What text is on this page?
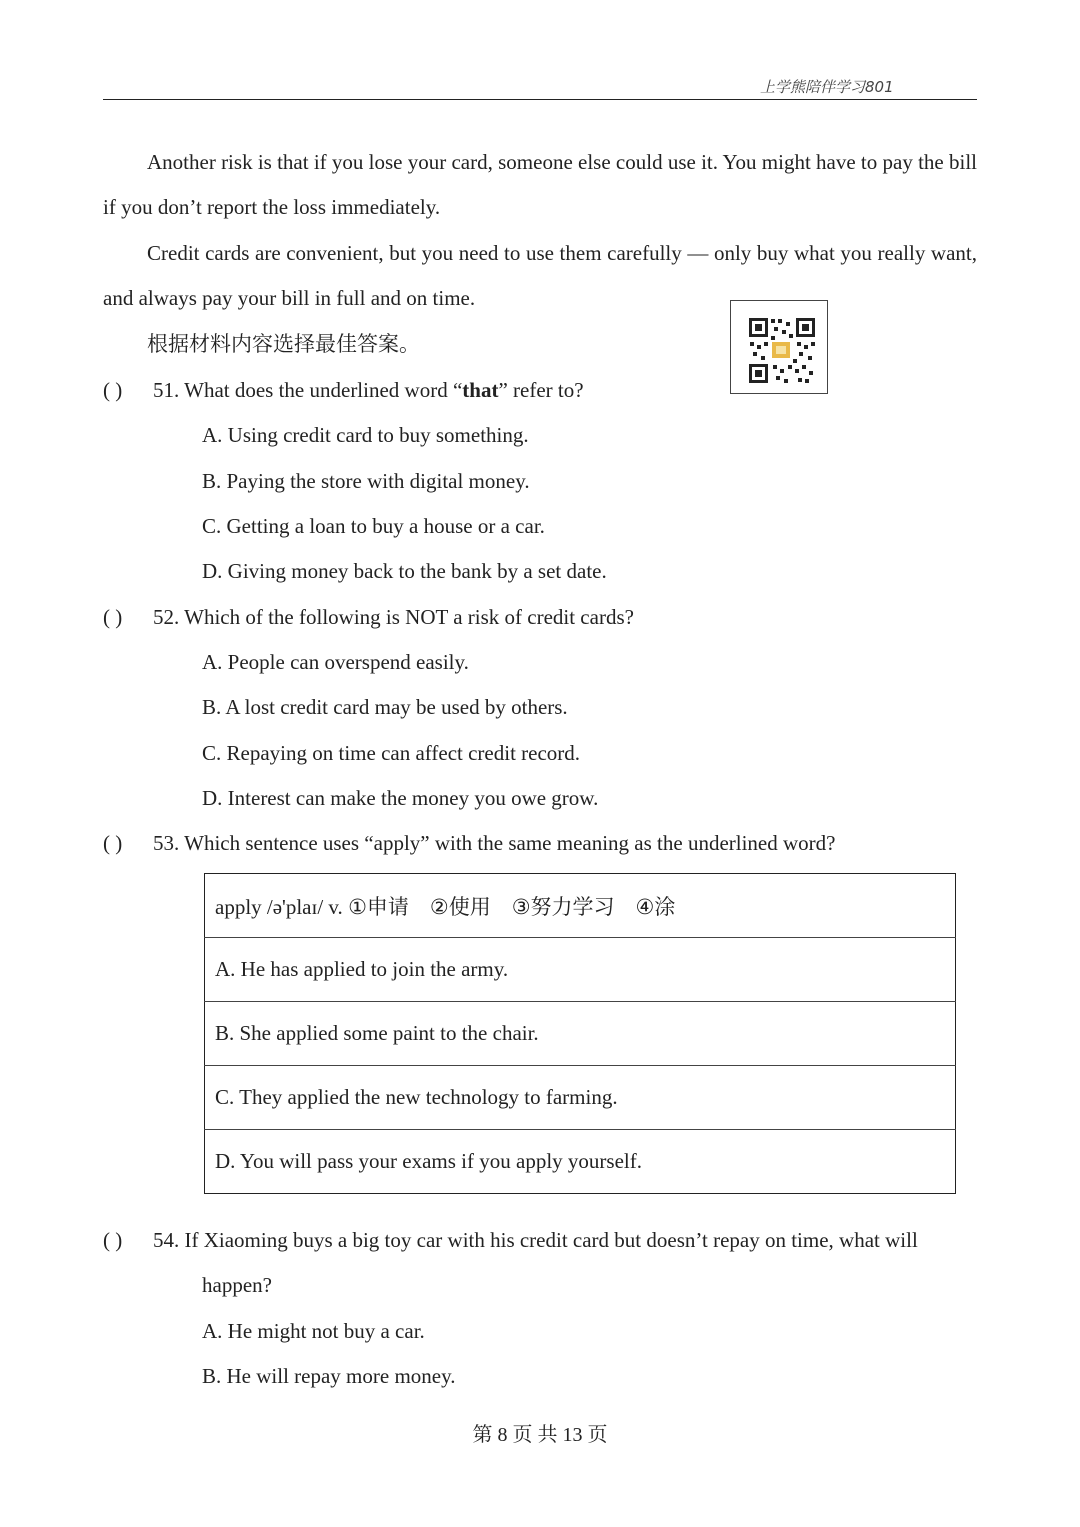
上学熊陪伴学习801

Another risk is that if you lose your card, someone else could use it. You might have to pay the bill if you don’t report the loss immediately.

Credit cards are convenient, but you need to use them carefully — only buy what you really want, and always pay your bill in full and on time.

根据材料内容选择最佳答案。
( ) 51. What does the underlined word “that” refer to?
A. Using credit card to buy something.
B. Paying the store with digital money.
C. Getting a loan to buy a house or a car.
D. Giving money back to the bank by a set date.
( ) 52. Which of the following is NOT a risk of credit cards?
A. People can overspend easily.
B. A lost credit card may be used by others.
C. Repaying on time can affect credit record.
D. Interest can make the money you owe grow.
( ) 53. Which sentence uses “apply” with the same meaning as the underlined word?
apply /ə'plaɪ/ v. ①申请　②使用　③努力学习　④涂
A. He has applied to join the army.
B. She applied some paint to the chair.
C. They applied the new technology to farming.
D. You will pass your exams if you apply yourself.
( ) 54. If Xiaoming buys a big toy car with his credit card but doesn’t repay on time, what will
happen?
A. He might not buy a car.
B. He will repay more money.
第 8 页 共 13 页
